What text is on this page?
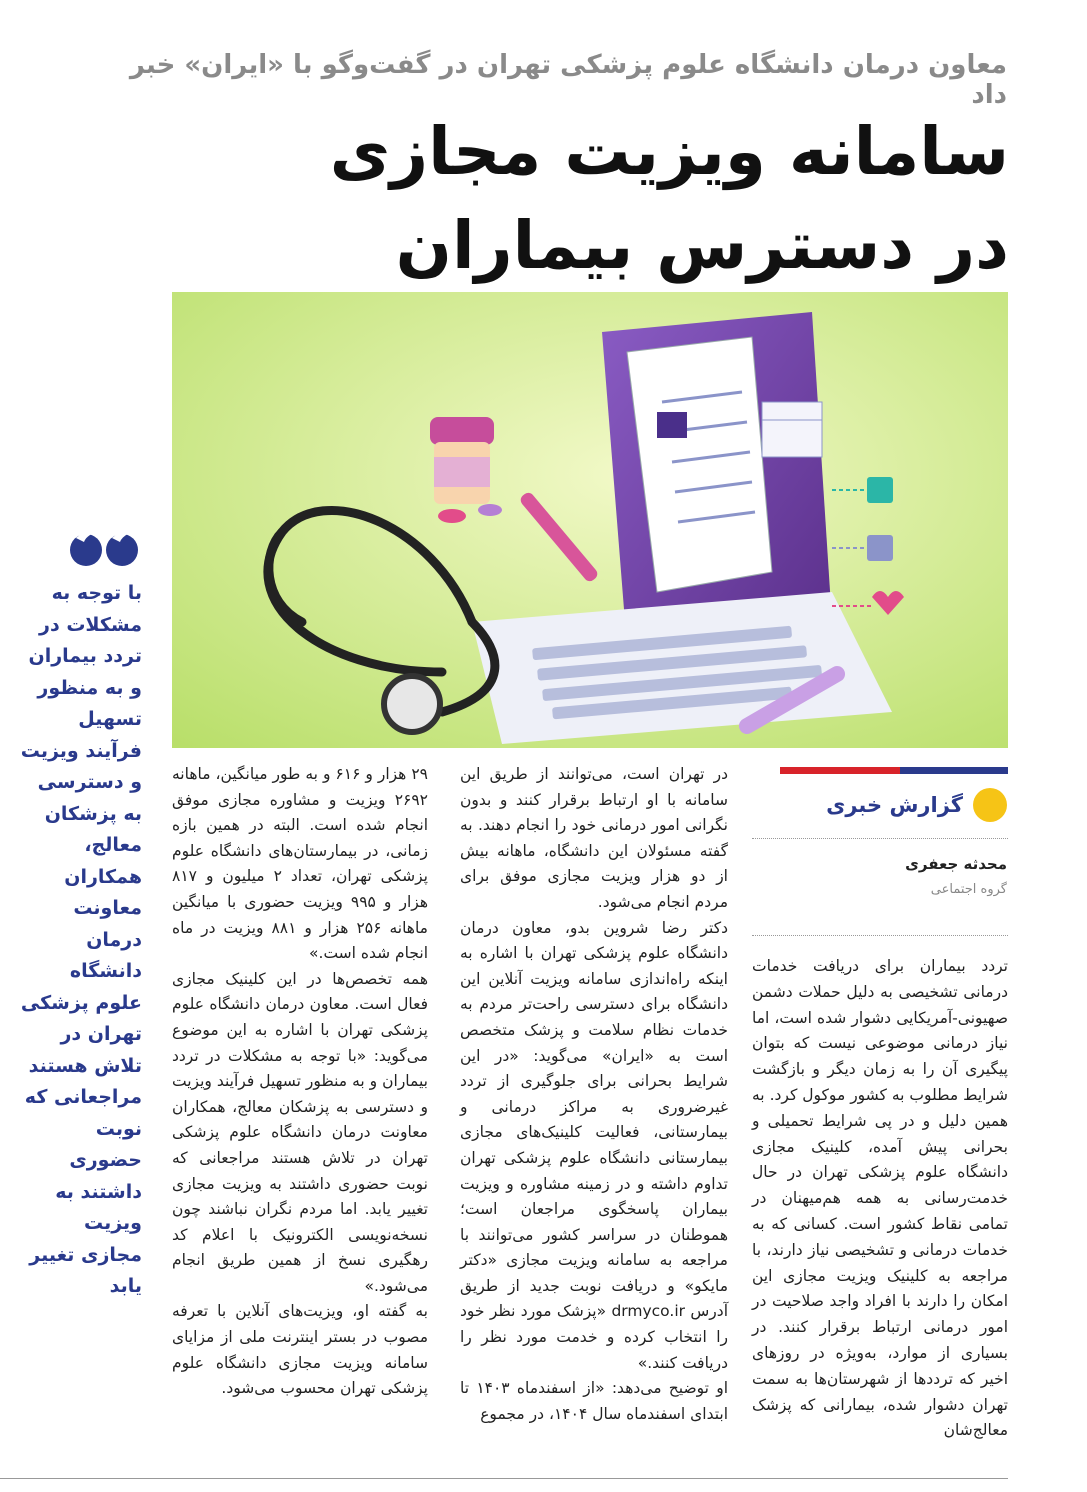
معاون درمان دانشگاه علوم پزشکی تهران در گفت‌وگو با «ایران» خبر داد
سامانه ویزیت مجازی
در دسترس بیماران
با توجه به مشکلات در تردد بیماران و به منظور تسهیل فرآیند ویزیت و دسترسی به پزشکان معالج، همکاران معاونت درمان دانشگاه علوم پزشکی تهران در تلاش هستند مراجعانی که نوبت حضوری داشتند به ویزیت مجازی تغییر یابد
گزارش خبری
محدثه جعفری
گروه اجتماعی

تردد بیماران برای دریافت خدمات درمانی تشخیصی به دلیل حملات دشمن صهیونی-آمریکایی دشوار شده است، اما نیاز درمانی موضوعی نیست که بتوان پیگیری آن را به زمان دیگر و بازگشت شرایط مطلوب به کشور موکول کرد. به همین دلیل و در پی شرایط تحمیلی و بحرانی پیش آمده، کلینیک مجازی دانشگاه علوم پزشکی تهران در حال خدمت‌رسانی به همه هم‌میهنان در تمامی نقاط کشور است. کسانی که به خدمات درمانی و تشخیصی نیاز دارند، با مراجعه به کلینیک ویزیت مجازی این امکان را دارند با افراد واجد صلاحیت در امور درمانی ارتباط برقرار کنند. در بسیاری از موارد، به‌ویژه در روزهای اخیر که ترددها از شهرستان‌ها به سمت تهران دشوار شده، بیمارانی که پزشک معالج‌شان

در تهران است، می‌توانند از طریق این سامانه با او ارتباط برقرار کنند و بدون نگرانی امور درمانی خود را انجام دهند. به گفته مسئولان این دانشگاه، ماهانه بیش از دو هزار ویزیت مجازی موفق برای مردم انجام می‌شود.

دکتر رضا شروین بدو، معاون درمان دانشگاه علوم پزشکی تهران با اشاره به اینکه راه‌اندازی سامانه ویزیت آنلاین این دانشگاه برای دسترسی راحت‌تر مردم به خدمات نظام سلامت و پزشک متخصص است به «ایران» می‌گوید: «در این شرایط بحرانی برای جلوگیری از تردد غیرضروری به مراکز درمانی و بیمارستانی، فعالیت کلینیک‌های مجازی بیمارستانی دانشگاه علوم پزشکی تهران تداوم داشته و در زمینه مشاوره و ویزیت بیماران پاسخگوی مراجعان است؛ هموطنان در سراسر کشور می‌توانند با مراجعه به سامانه ویزیت مجازی «دکتر مایکو» و دریافت نوبت جدید از طریق آدرس drmyco.ir «پزشک مورد نظر خود را انتخاب کرده و خدمت مورد نظر را دریافت کنند.»

او توضیح می‌دهد: «از اسفندماه ۱۴۰۳ تا ابتدای اسفندماه سال ۱۴۰۴، در مجموع

۲۹ هزار و ۶۱۶ و به طور میانگین، ماهانه ۲۶۹۲ ویزیت و مشاوره مجازی موفق انجام شده است. البته در همین بازه زمانی، در بیمارستان‌های دانشگاه علوم پزشکی تهران، تعداد ۲ میلیون و ۸۱۷ هزار و ۹۹۵ ویزیت حضوری با میانگین ماهانه ۲۵۶ هزار و ۸۸۱ ویزیت در ماه انجام شده است.»

همه تخصص‌ها در این کلینیک مجازی فعال است. معاون درمان دانشگاه علوم پزشکی تهران با اشاره به این موضوع می‌گوید: «با توجه به مشکلات در تردد بیماران و به منظور تسهیل فرآیند ویزیت و دسترسی به پزشکان معالج، همکاران معاونت درمان دانشگاه علوم پزشکی تهران در تلاش هستند مراجعانی که نوبت حضوری داشتند به ویزیت مجازی تغییر یابد. اما مردم نگران نباشند چون نسخه‌نویسی الکترونیک با اعلام کد رهگیری نسخ از همین طریق انجام می‌شود.»

به گفته او، ویزیت‌های آنلاین با تعرفه مصوب در بستر اینترنت ملی از مزایای سامانه ویزیت مجازی دانشگاه علوم پزشکی تهران محسوب می‌شود.
